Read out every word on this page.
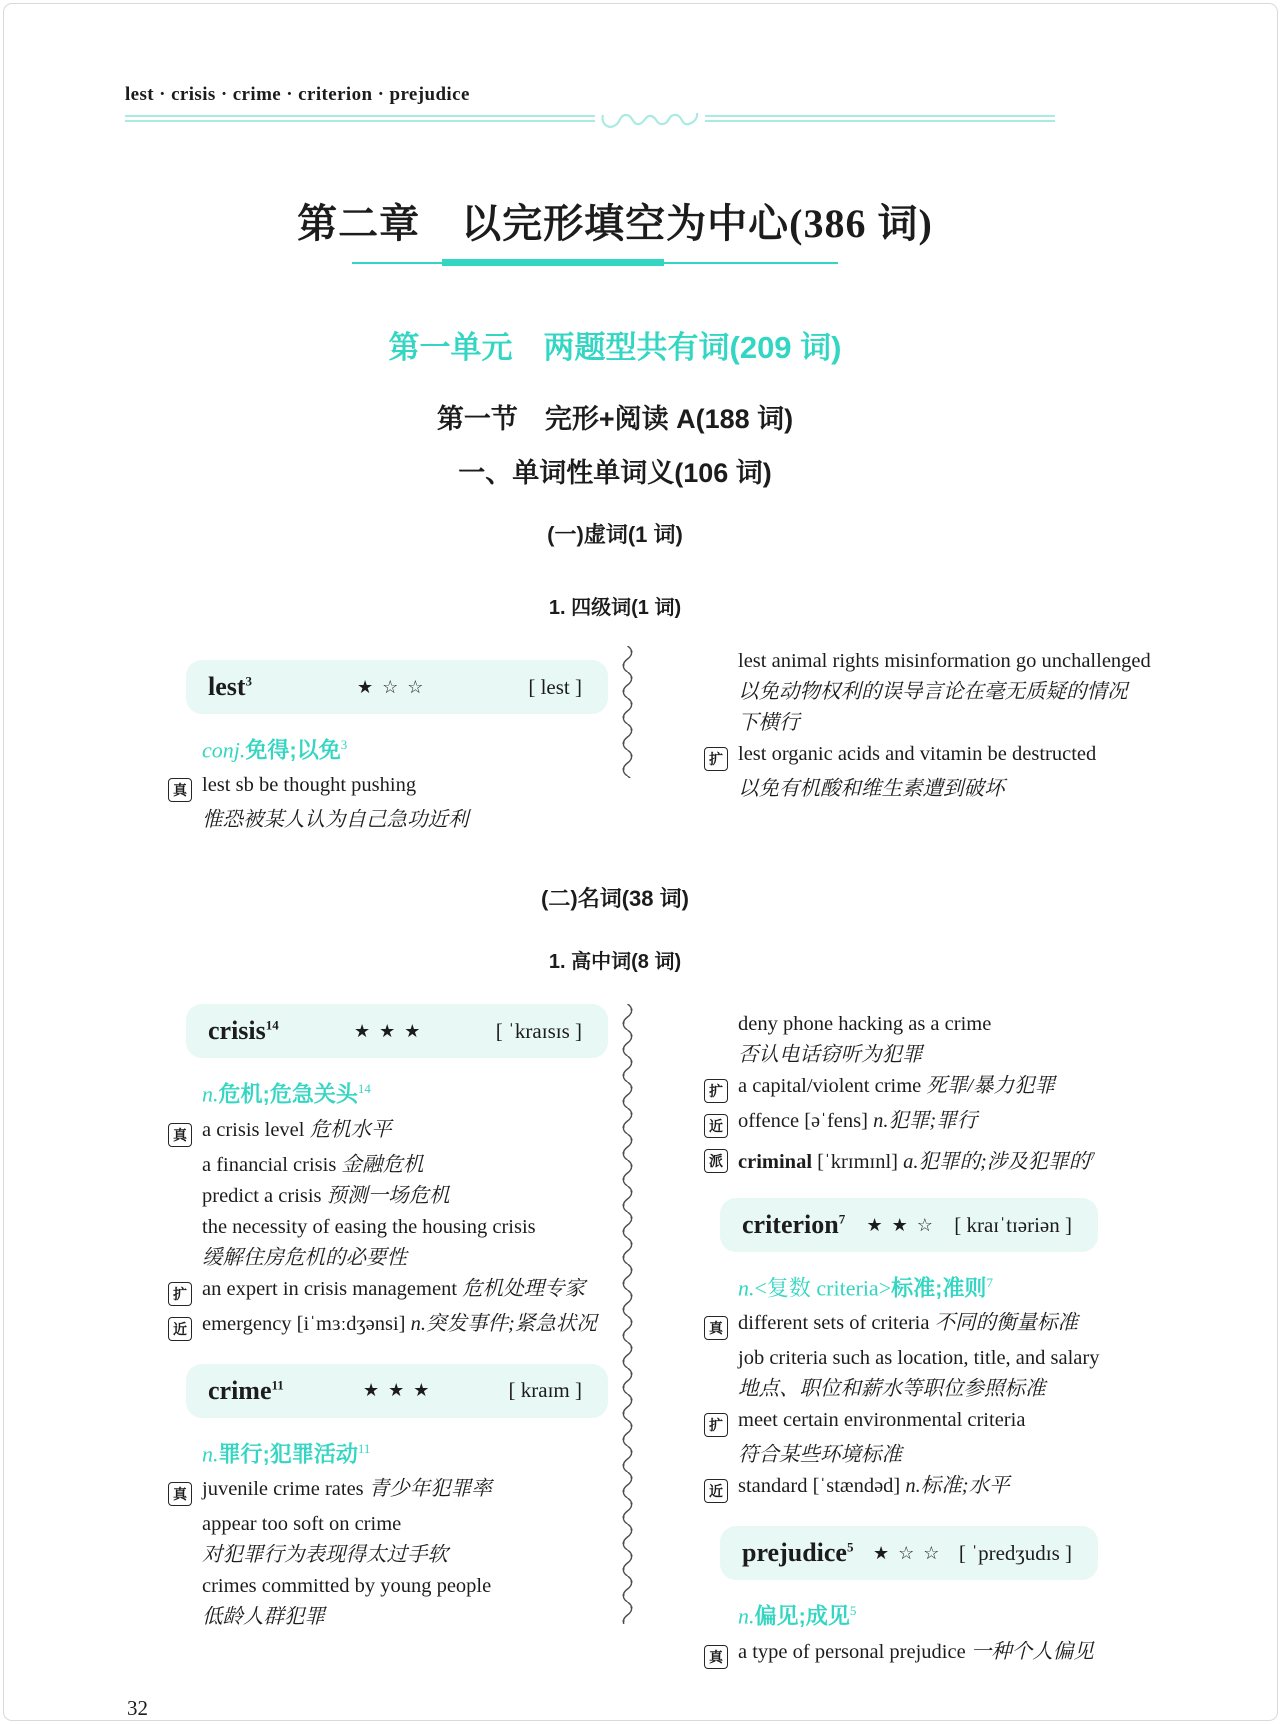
lest · crisis · crime · criterion · prejudice
第二章　以完形填空为中心(386 词)
第一单元　两题型共有词(209 词)
第一节　完形+阅读 A(188 词)
一、单词性单词义(106 词)
(一)虚词(1 词)
1. 四级词(1 词)
lest$^3$	★☆☆	[ lest ]
conj.免得;以免$^3$
真 lest sb be thought pushing
惟恐被某人认为自己急功近利
lest animal rights misinformation go unchallenged
以免动物权利的误导言论在毫无质疑的情况
下横行
扩 lest organic acids and vitamin be destructed
以免有机酸和维生素遭到破坏
(二)名词(38 词)
1. 高中词(8 词)
crisis$^{14}$	★★★	[ ˈkraɪsɪs ]
n.危机;危急关头$^{14}$
真 a crisis level 危机水平
a financial crisis 金融危机
predict a crisis 预测一场危机
the necessity of easing the housing crisis
缓解住房危机的必要性
扩 an expert in crisis management 危机处理专家
近 emergency [iˈmɜːdʒənsi] n.突发事件;紧急状况
crime$^{11}$	★★★	[ kraɪm ]
n.罪行;犯罪活动$^{11}$
真 juvenile crime rates 青少年犯罪率
appear too soft on crime
对犯罪行为表现得太过手软
crimes committed by young people
低龄人群犯罪
deny phone hacking as a crime
否认电话窃听为犯罪
扩 a capital/violent crime 死罪/暴力犯罪
近 offence [əˈfens] n.犯罪;罪行
派 criminal [ˈkrɪmɪnl] a.犯罪的;涉及犯罪的$^7$
criterion$^7$ ★★☆ [ kraɪˈtɪəriən ]
n.<复数 criteria>标准;准则$^7$
真 different sets of criteria 不同的衡量标准
job criteria such as location, title, and salary
地点、职位和薪水等职位参照标准
扩 meet certain environmental criteria
符合某些环境标准
近 standard [ˈstændəd] n.标准;水平
prejudice$^5$ ★☆☆ [ ˈpredʒudɪs ]
n.偏见;成见$^5$
真 a type of personal prejudice 一种个人偏见
32
